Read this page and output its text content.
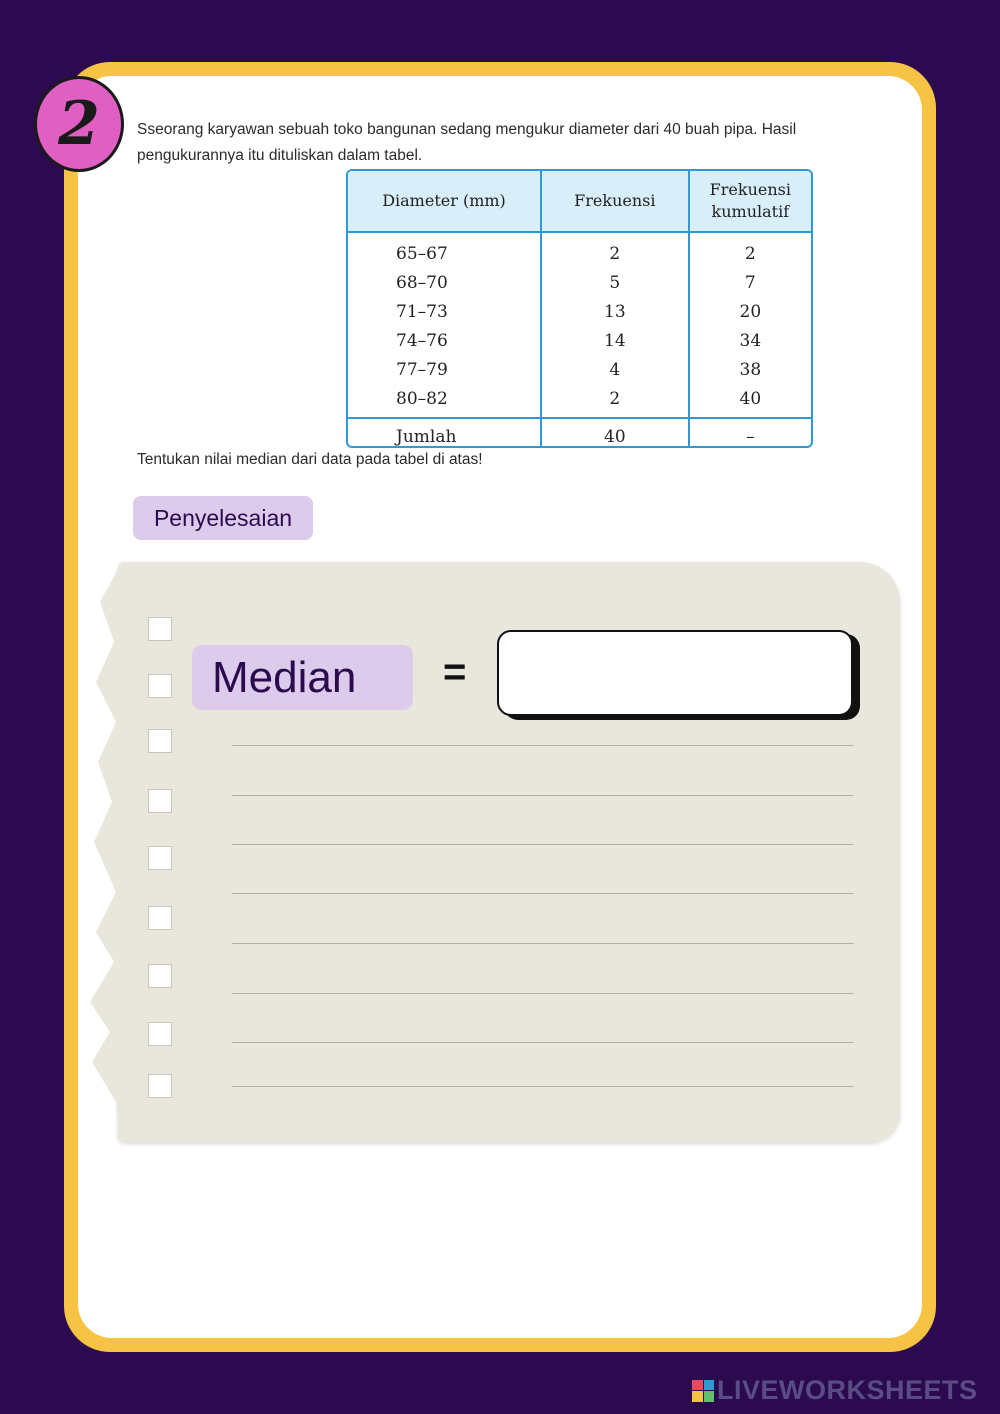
2	Sseorang karyawan sebuah toko bangunan sedang mengukur diameter dari 40 buah pipa. Hasil pengukurannya itu dituliskan dalam tabel.
Diameter (mm)	Frekuensi	Frekuensi kumulatif
65–67	2	2
68–70	5	7
71–73	13	20
74–76	14	34
77–79	4	38
80–82	2	40
Jumlah	40	–
Tentukan nilai median dari data pada tabel di atas!
Penyelesaian
Median	=
LIVEWORKSHEETS
